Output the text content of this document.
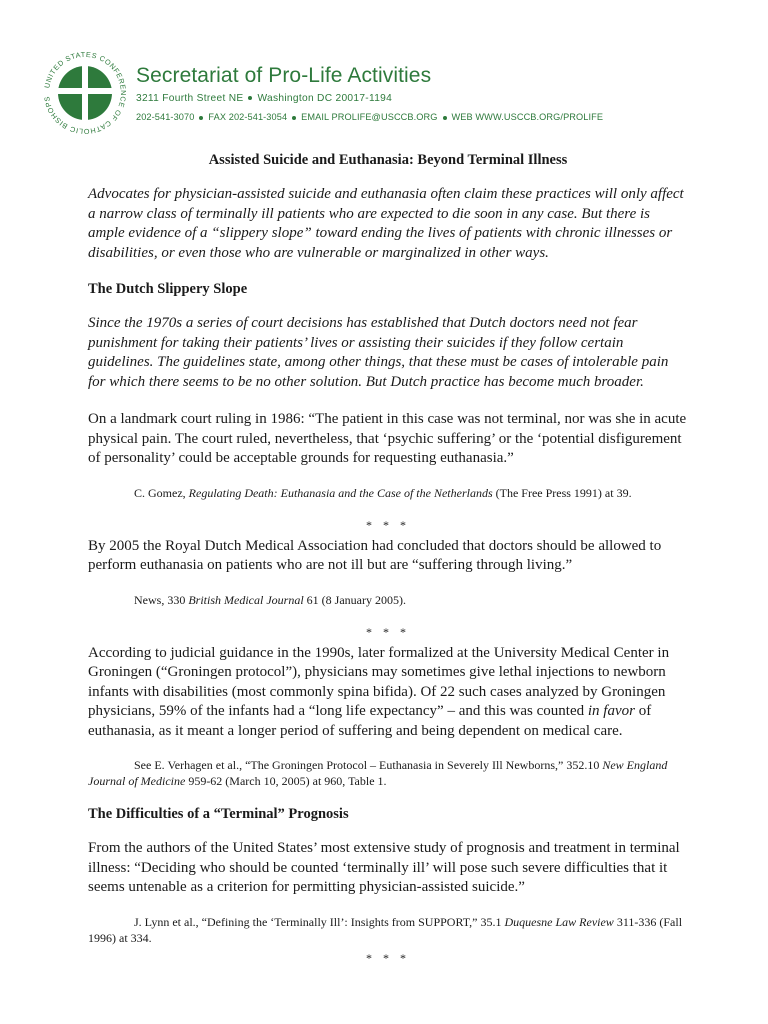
UNITED STATES CONFERENCE OF CATHOLIC BISHOPS
Secretariat of Pro-Life Activities
3211 Fourth Street NE Washington DC 20017-1194
202-541-3070 FAX 202-541-3054 EMAIL PROLIFE@USCCB.ORG WEB WWW.USCCB.ORG/PROLIFE
Assisted Suicide and Euthanasia: Beyond Terminal Illness
Advocates for physician-assisted suicide and euthanasia often claim these practices will only affect a narrow class of terminally ill patients who are expected to die soon in any case. But there is ample evidence of a “slippery slope” toward ending the lives of patients with chronic illnesses or disabilities, or even those who are vulnerable or marginalized in other ways.
The Dutch Slippery Slope
Since the 1970s a series of court decisions has established that Dutch doctors need not fear punishment for taking their patients’ lives or assisting their suicides if they follow certain guidelines. The guidelines state, among other things, that these must be cases of intolerable pain for which there seems to be no other solution. But Dutch practice has become much broader.

On a landmark court ruling in 1986: “The patient in this case was not terminal, nor was she in acute physical pain. The court ruled, nevertheless, that ‘psychic suffering’ or the ‘potential disfigurement of personality’ could be acceptable grounds for requesting euthanasia.”

C. Gomez, Regulating Death: Euthanasia and the Case of the Netherlands (The Free Press 1991) at 39.
* * *

By 2005 the Royal Dutch Medical Association had concluded that doctors should be allowed to perform euthanasia on patients who are not ill but are “suffering through living.”

News, 330 British Medical Journal 61 (8 January 2005).
* * *

According to judicial guidance in the 1990s, later formalized at the University Medical Center in Groningen (“Groningen protocol”), physicians may sometimes give lethal injections to newborn infants with disabilities (most commonly spina bifida). Of 22 such cases analyzed by Groningen physicians, 59% of the infants had a “long life expectancy” – and this was counted in favor of euthanasia, as it meant a longer period of suffering and being dependent on medical care.

See E. Verhagen et al., “The Groningen Protocol – Euthanasia in Severely Ill Newborns,” 352.10 New England Journal of Medicine 959-62 (March 10, 2005) at 960, Table 1.
The Difficulties of a “Terminal” Prognosis

From the authors of the United States’ most extensive study of prognosis and treatment in terminal illness: “Deciding who should be counted ‘terminally ill’ will pose such severe difficulties that it seems untenable as a criterion for permitting physician-assisted suicide.”

J. Lynn et al., “Defining the ‘Terminally Ill’: Insights from SUPPORT,” 35.1 Duquesne Law Review 311-336 (Fall 1996) at 334.
* * *
